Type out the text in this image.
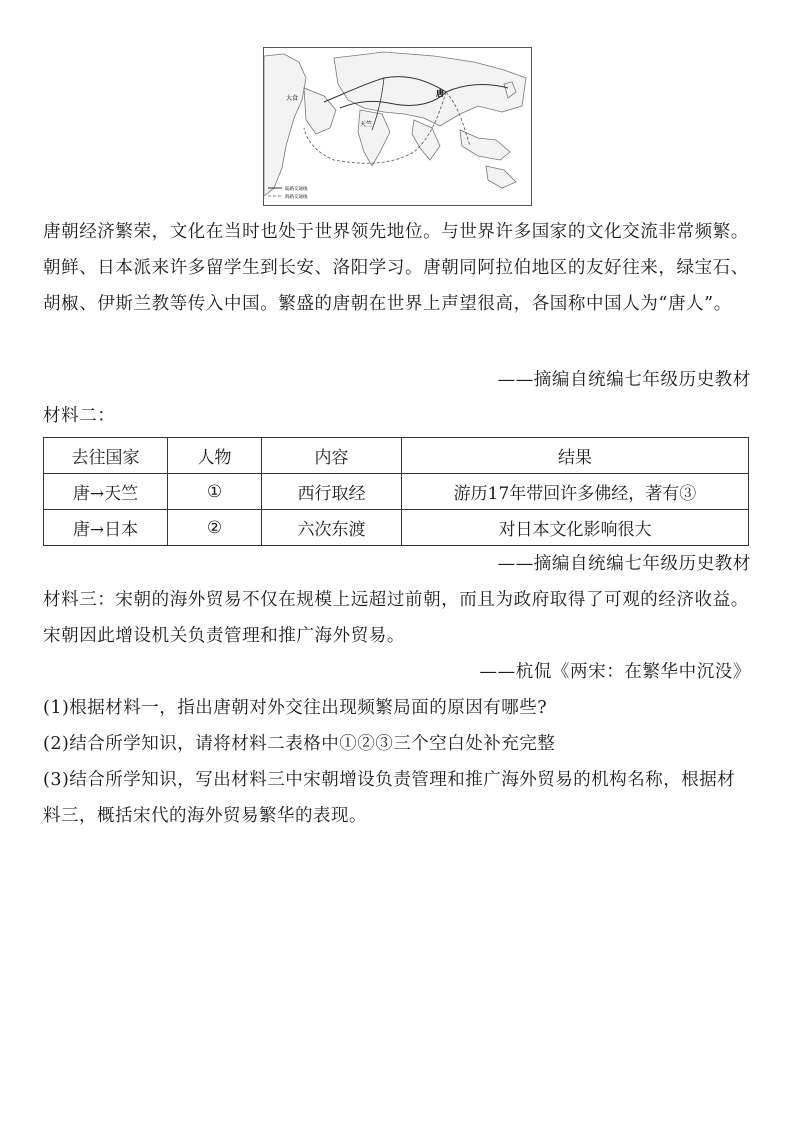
唐
天竺
大食
陆路交通线
海路交通线

唐朝经济繁荣，文化在当时也处于世界领先地位。与世界许多国家的文化交流非常频繁。朝鲜、日本派来许多留学生到长安、洛阳学习。唐朝同阿拉伯地区的友好往来，绿宝石、胡椒、伊斯兰教等传入中国。繁盛的唐朝在世界上声望很高，各国称中国人为“唐人”。

——摘编自统编七年级历史教材

材料二：

去往国家	人物	内容	结果
唐→天竺	①	西行取经	游历17年带回许多佛经，著有③
唐→日本	②	六次东渡	对日本文化影响很大

——摘编自统编七年级历史教材

材料三：宋朝的海外贸易不仅在规模上远超过前朝，而且为政府取得了可观的经济收益。宋朝因此增设机关负责管理和推广海外贸易。

——杭侃《两宋：在繁华中沉没》

(1)根据材料一，指出唐朝对外交往出现频繁局面的原因有哪些?

(2)结合所学知识，请将材料二表格中①②③三个空白处补充完整

(3)结合所学知识，写出材料三中宋朝增设负责管理和推广海外贸易的机构名称，根据材料三，概括宋代的海外贸易繁华的表现。
